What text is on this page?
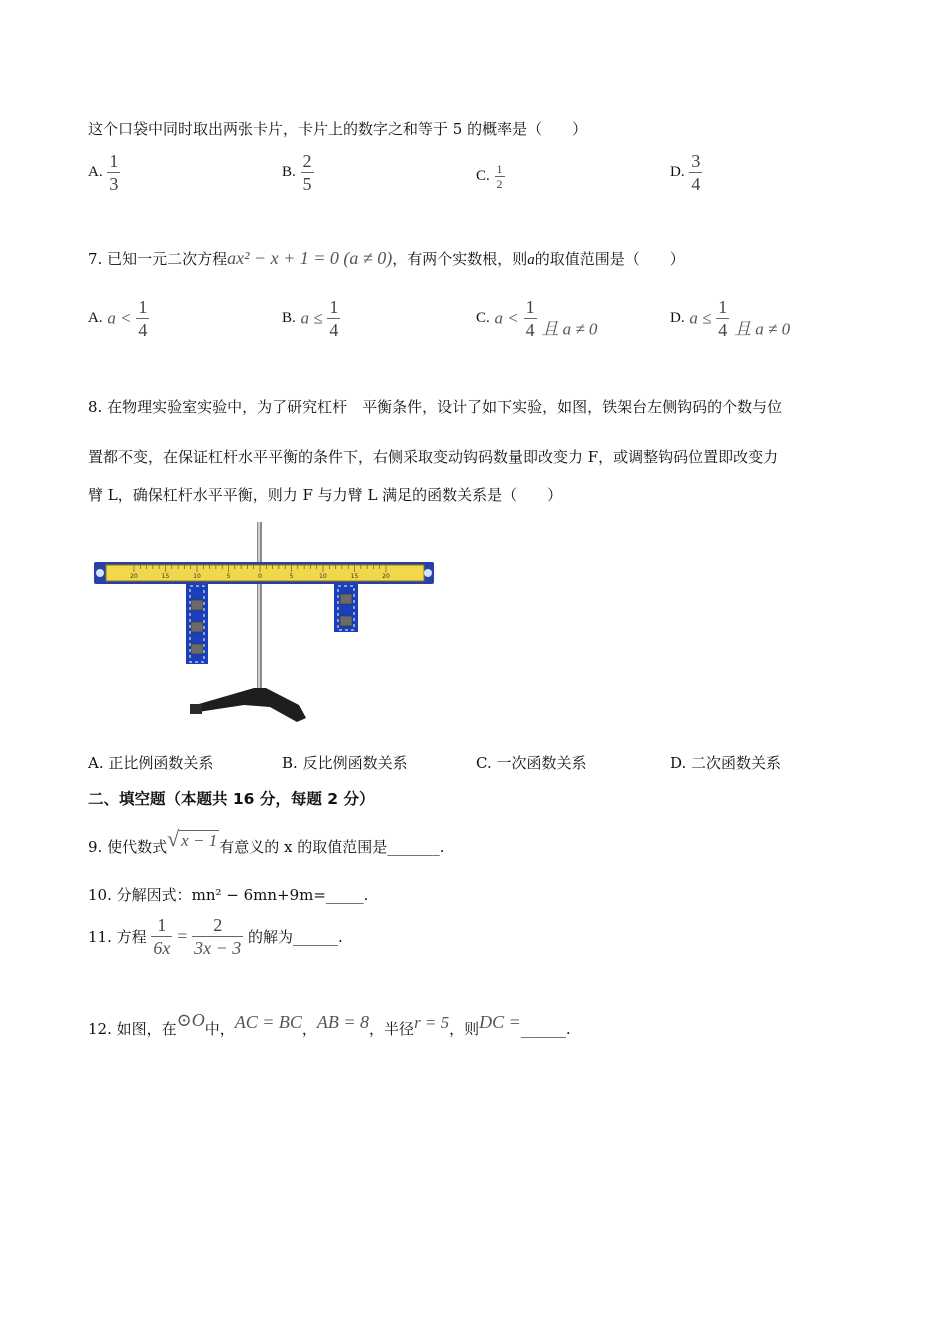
这个口袋中同时取出两张卡片，卡片上的数字之和等于 5 的概率是（　　）
A. $\frac{1}{3}$	B. $\frac{2}{5}$	C. $\frac{1}{2}$	D. $\frac{3}{4}$
7. 已知一元二次方程ax² − x + 1 = 0 (a ≠ 0)，有两个实数根，则a的取值范围是（　　）
A. $a < \frac{1}{4}$	B. $a \le \frac{1}{4}$	C. $a < \frac{1}{4}$ 且 a ≠ 0
D. $a \le \frac{1}{4}$ 且 a ≠ 0
8. 在物理实验室实验中，为了研究杠杆　平衡条件，设计了如下实验，如图，铁架台左侧钩码的个数与位
置都不变，在保证杠杆水平平衡的条件下，右侧采取变动钩码数量即改变力 F，或调整钩码位置即改变力
臂 L，确保杠杆水平平衡，则力 F 与力臂 L 满足的函数关系是（　　）
20	15	10	5	0	5	10	15	20
A. 正比例函数关系	B. 反比例函数关系	C. 一次函数关系	D. 二次函数关系
二、填空题（本题共 16 分，每题 2 分）
9. 使代数式√ x − 1 有意义的 x 的取值范围是_______.
10. 分解因式：mn² − 6mn+9m=_____.
11. 方程 $\frac{1}{6x} = \frac{2}{3x - 3}$ 的解为______.
12. 如图，在⊙O中，AC = BC，AB = 8，半径r = 5，则DC =______.
